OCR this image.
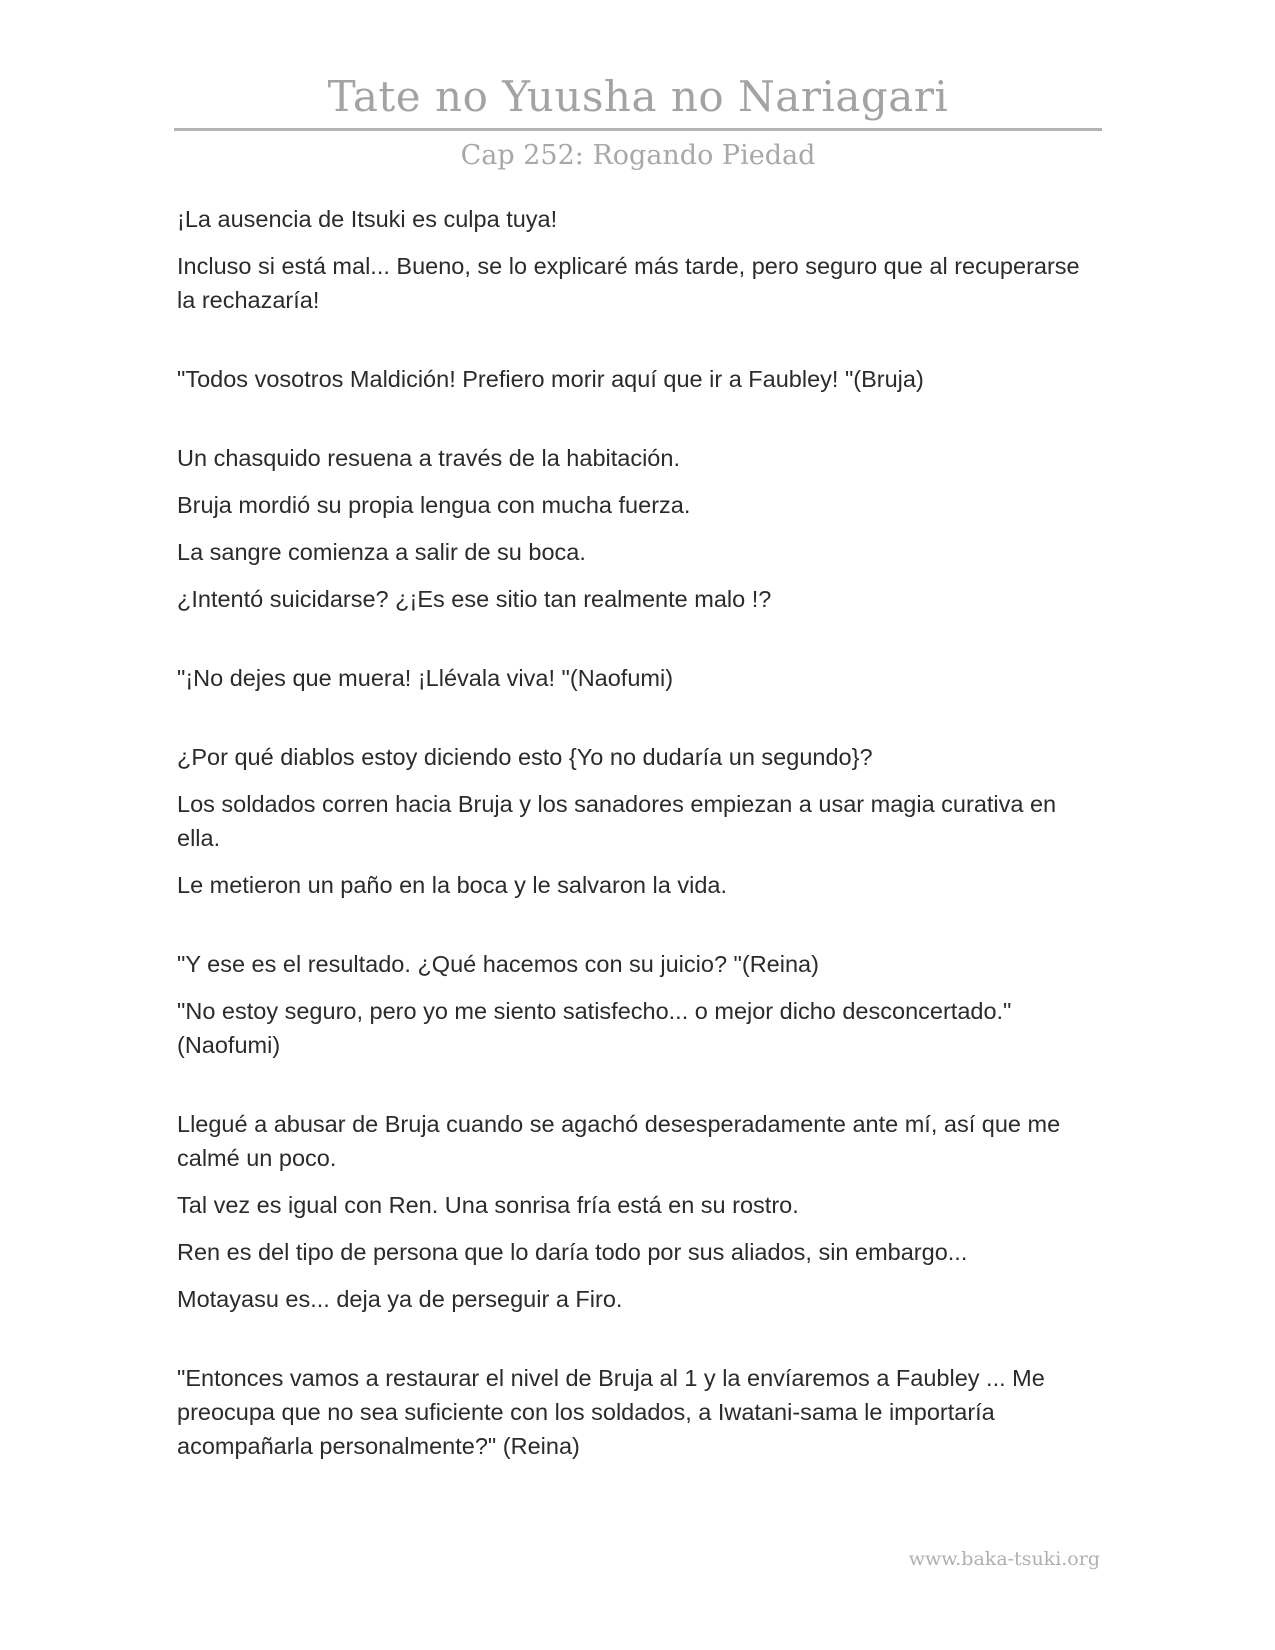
Tate no Yuusha no Nariagari
Cap 252: Rogando Piedad

¡La ausencia de Itsuki es culpa tuya!

Incluso si está mal... Bueno, se lo explicaré más tarde, pero seguro que al recuperarse la rechazaría!

"Todos vosotros Maldición! Prefiero morir aquí que ir a Faubley! "(Bruja)

Un chasquido resuena a través de la habitación.

Bruja mordió su propia lengua con mucha fuerza.

La sangre comienza a salir de su boca.

¿Intentó suicidarse? ¿¡Es ese sitio tan realmente malo !?

"¡No dejes que muera! ¡Llévala viva! "(Naofumi)

¿Por qué diablos estoy diciendo esto {Yo no dudaría un segundo}?

Los soldados corren hacia Bruja y los sanadores empiezan a usar magia curativa en ella.

Le metieron un paño en la boca y le salvaron la vida.

"Y ese es el resultado. ¿Qué hacemos con su juicio? "(Reina)

"No estoy seguro, pero yo me siento satisfecho... o mejor dicho desconcertado." (Naofumi)

Llegué a abusar de Bruja cuando se agachó desesperadamente ante mí, así que me calmé un poco.

Tal vez es igual con Ren. Una sonrisa fría está en su rostro.

Ren es del tipo de persona que lo daría todo por sus aliados, sin embargo...

Motayasu es... deja ya de perseguir a Firo.

"Entonces vamos a restaurar el nivel de Bruja al 1 y la envíaremos a Faubley ... Me preocupa que no sea suficiente con los soldados, a Iwatani-sama le importaría acompañarla personalmente?" (Reina)

www.baka-tsuki.org
